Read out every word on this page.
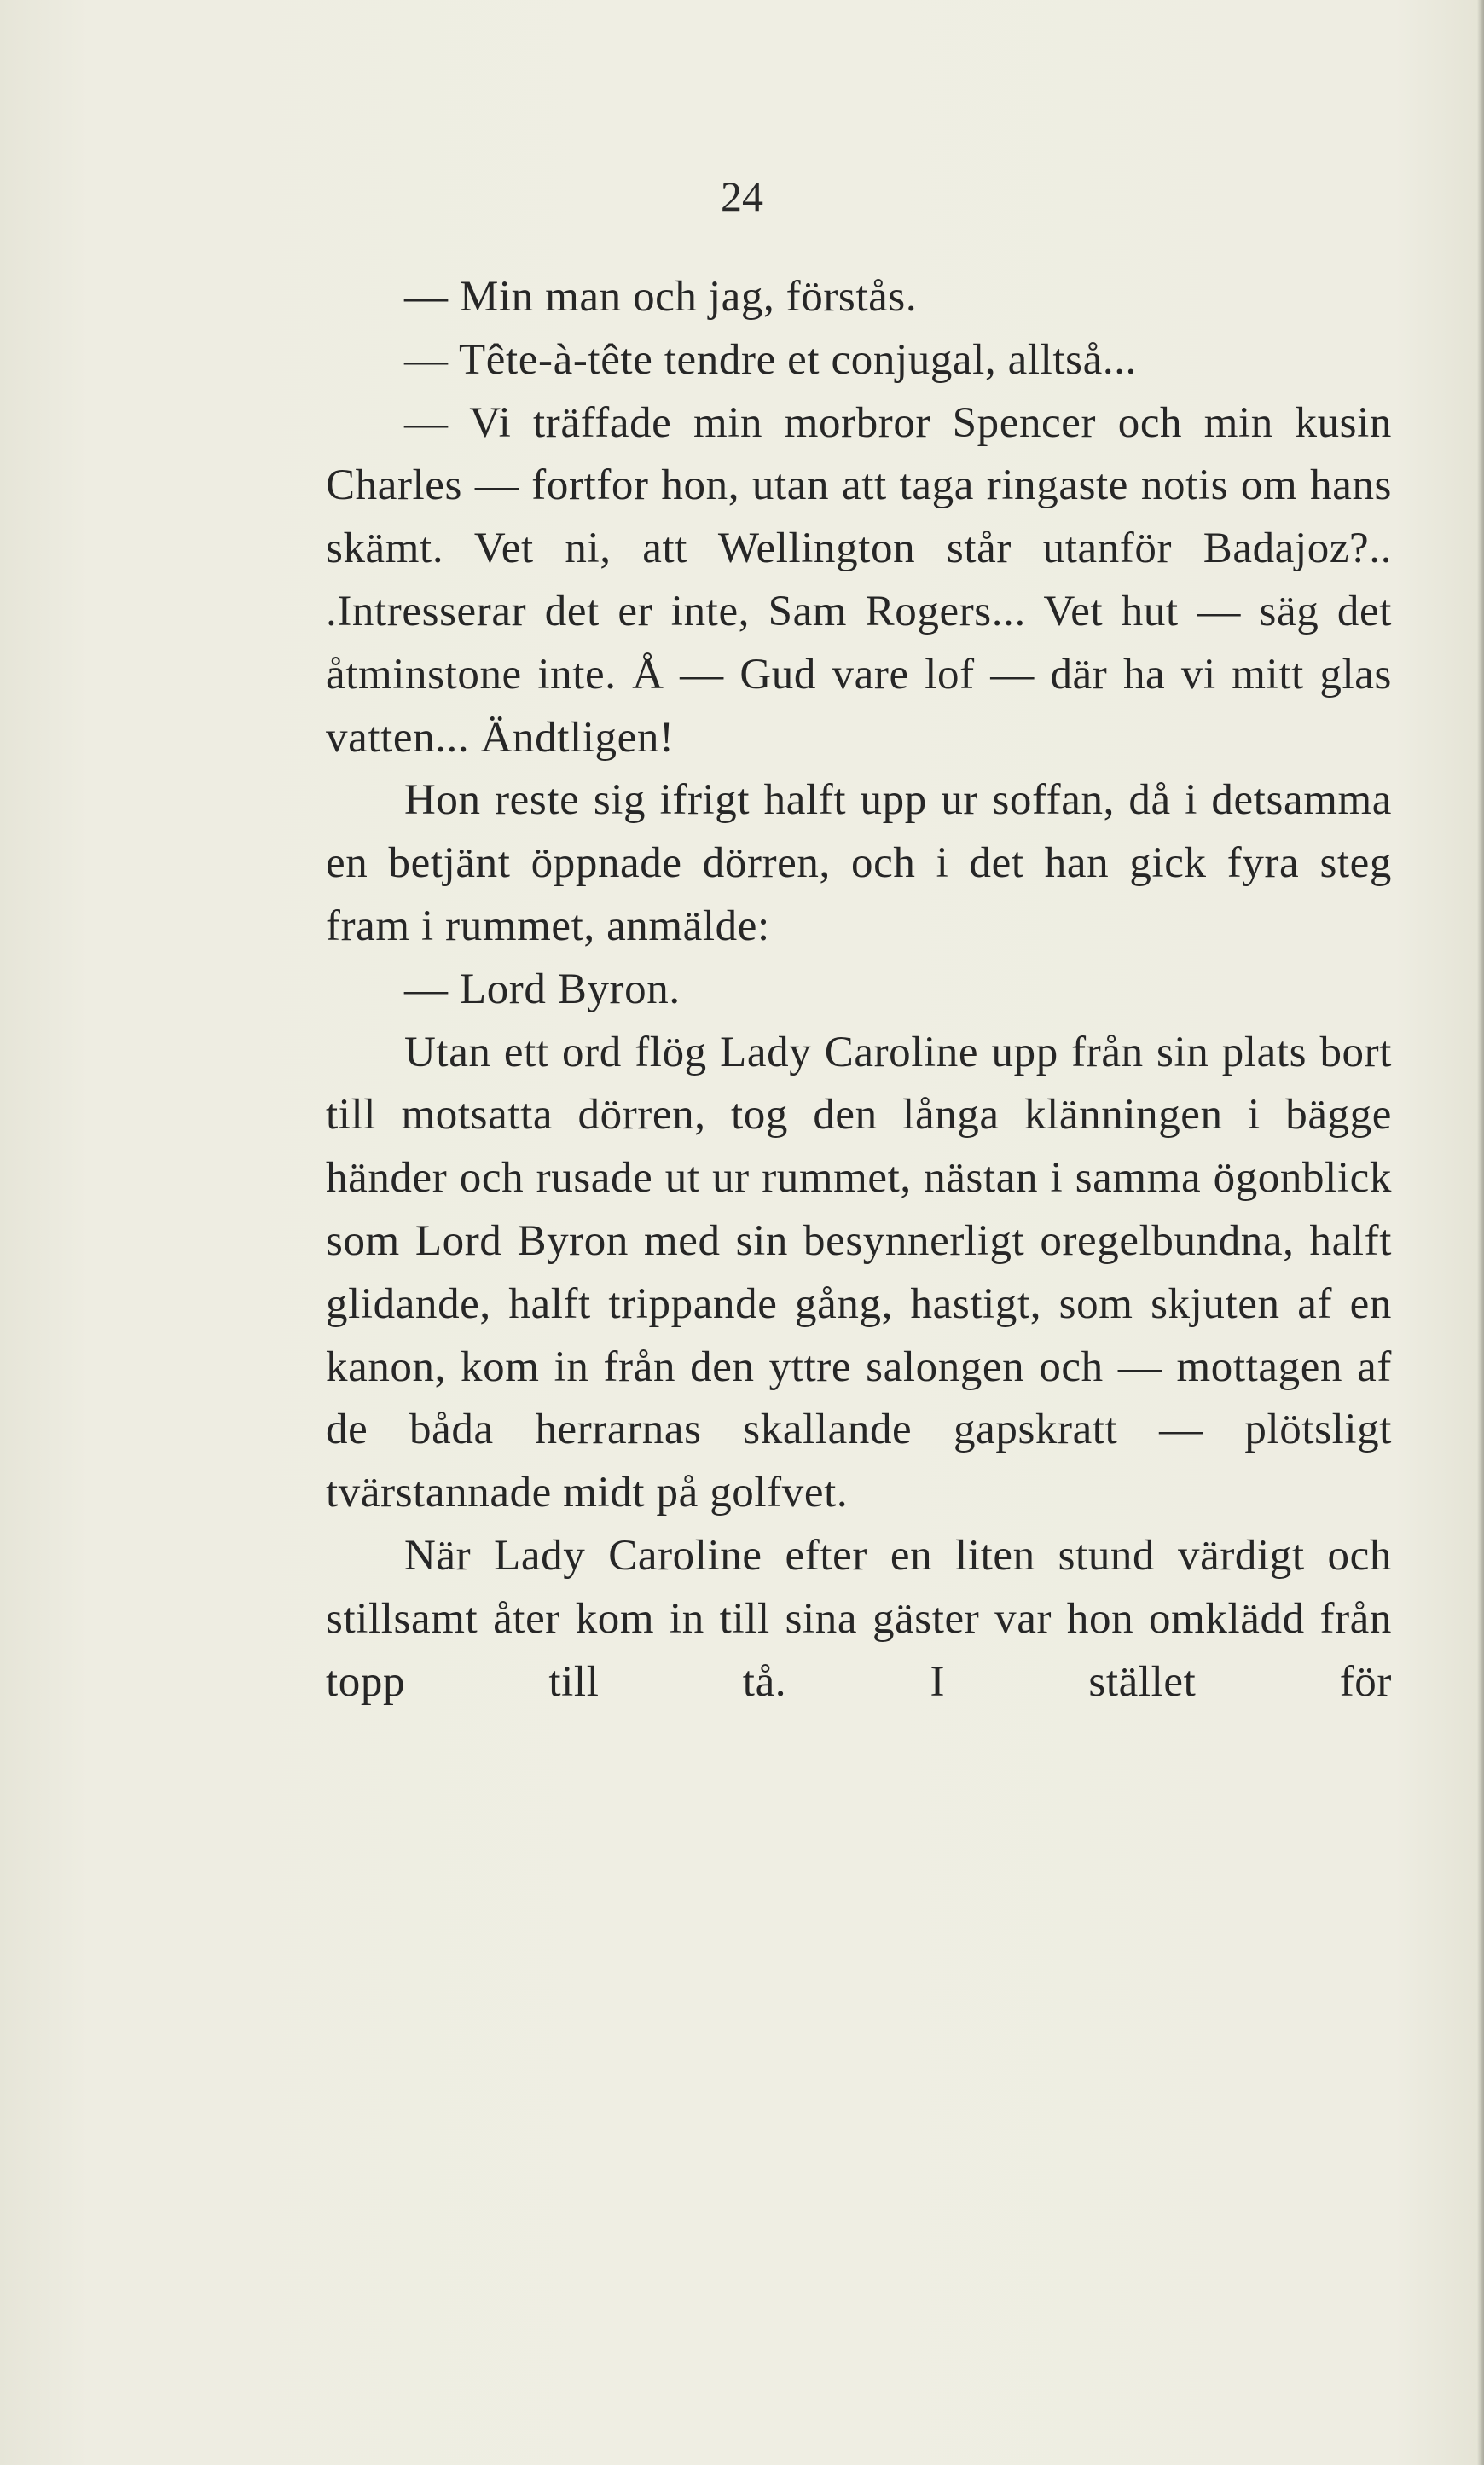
24

— Min man och jag, förstås.

— Tête-à-tête tendre et conjugal, alltså...

— Vi träffade min morbror Spencer och min kusin Charles — fortfor hon, utan att taga ringaste notis om hans skämt. Vet ni, att Wellington står utanför Badajoz?.. .Intresserar det er inte, Sam Rogers... Vet hut — säg det åtminstone inte. Å — Gud vare lof — där ha vi mitt glas vatten... Ändtligen!

Hon reste sig ifrigt halft upp ur soffan, då i detsamma en betjänt öppnade dörren, och i det han gick fyra steg fram i rummet, anmälde:

— Lord Byron.

Utan ett ord flög Lady Caroline upp från sin plats bort till motsatta dörren, tog den långa klänningen i bägge händer och rusade ut ur rummet, nästan i samma ögonblick som Lord Byron med sin besynnerligt oregelbundna, halft glidande, halft trippande gång, hastigt, som skjuten af en kanon, kom in från den yttre salongen och — mottagen af de båda herrarnas skallande gapskratt — plötsligt tvärstannade midt på golfvet.

När Lady Caroline efter en liten stund värdigt och stillsamt åter kom in till sina gäster var hon omklädd från topp till tå. I stället för
